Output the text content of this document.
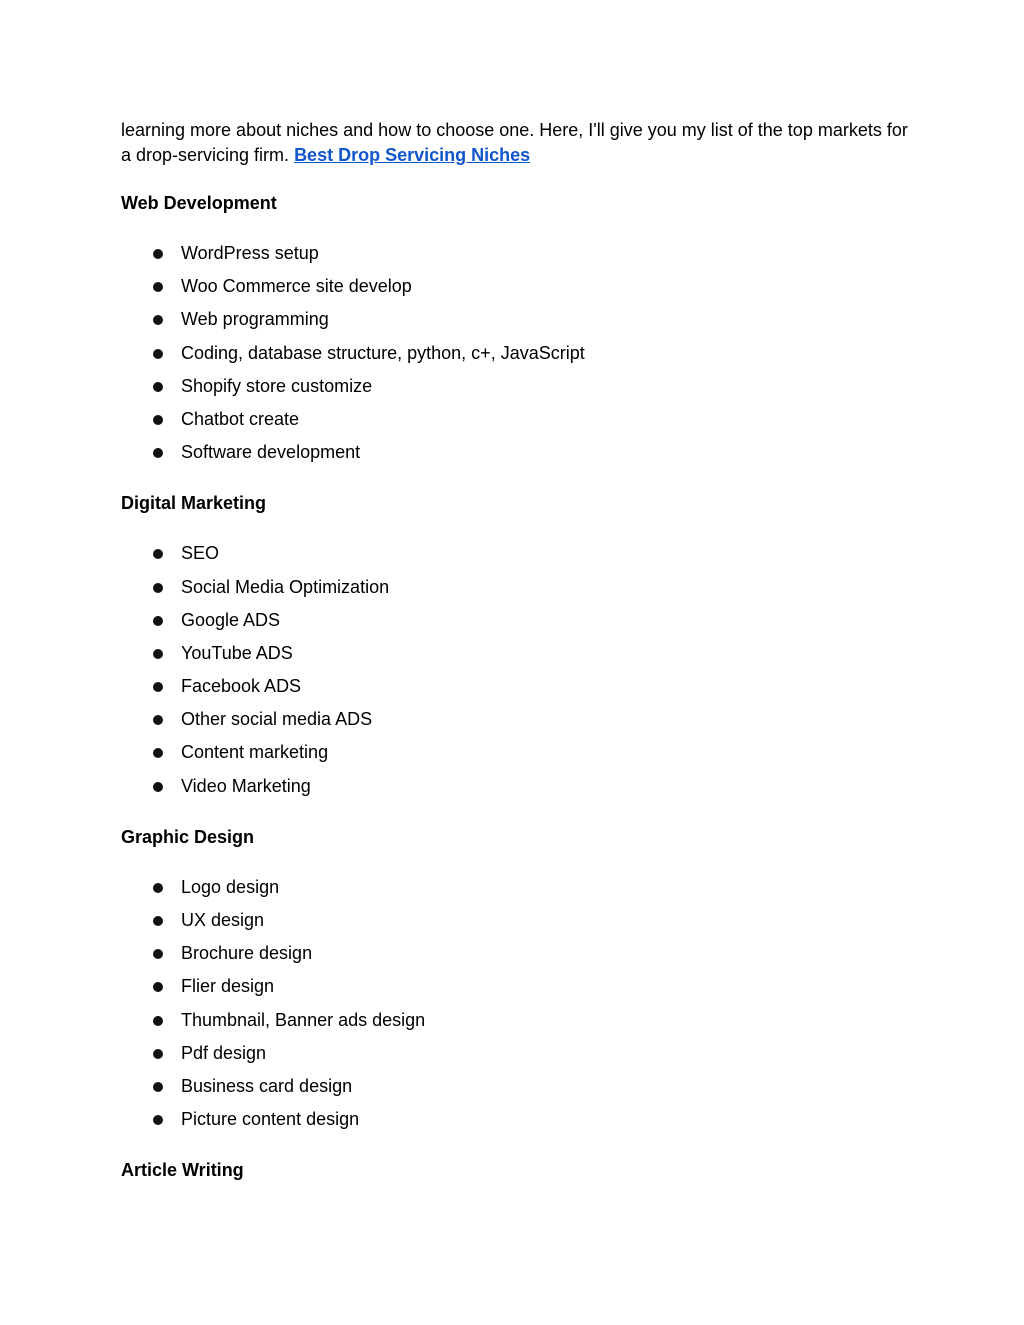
learning more about niches and how to choose one. Here, I'll give you my list of the top markets for a drop-servicing firm. Best Drop Servicing Niches

Web Development
WordPress setup
Woo Commerce site develop
Web programming
Coding, database structure, python, c+, JavaScript
Shopify store customize
Chatbot create
Software development
Digital Marketing
SEO
Social Media Optimization
Google ADS
YouTube ADS
Facebook ADS
Other social media ADS
Content marketing
Video Marketing
Graphic Design
Logo design
UX design
Brochure design
Flier design
Thumbnail, Banner ads design
Pdf design
Business card design
Picture content design
Article Writing
